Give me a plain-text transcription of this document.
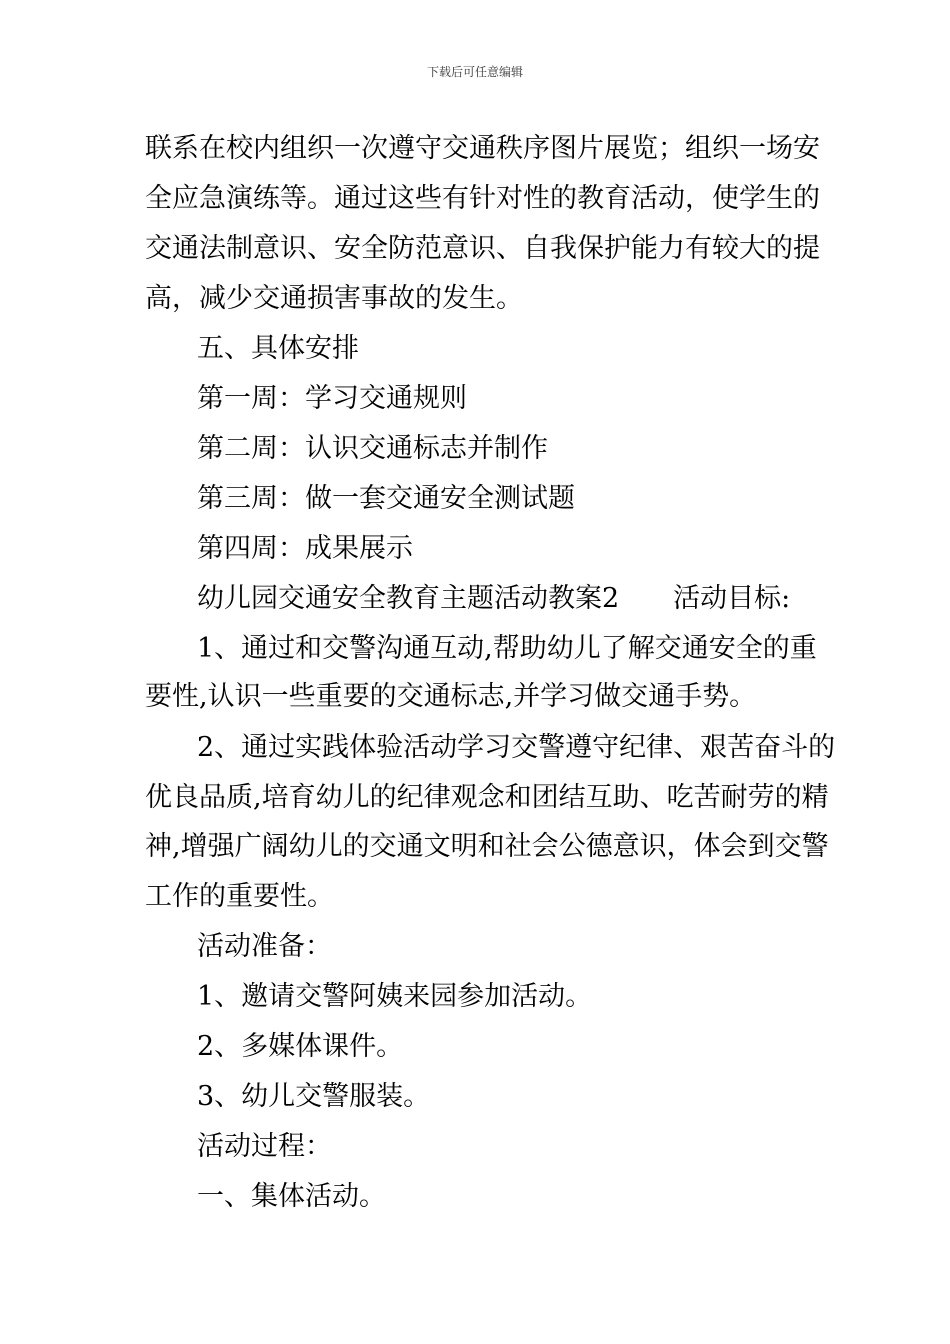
下载后可任意编辑
联系在校内组织一次遵守交通秩序图片展览；组织一场安
全应急演练等。通过这些有针对性的教育活动，使学生的
交通法制意识、安全防范意识、自我保护能力有较大的提
高，减少交通损害事故的发生。
五、具体安排
第一周：学习交通规则
第二周：认识交通标志并制作
第三周：做一套交通安全测试题
第四周：成果展示
幼儿园交通安全教育主题活动教案2　　活动目标:
1、通过和交警沟通互动,帮助幼儿了解交通安全的重
要性,认识一些重要的交通标志,并学习做交通手势。
2、通过实践体验活动学习交警遵守纪律、艰苦奋斗的
优良品质,培育幼儿的纪律观念和团结互助、吃苦耐劳的精
神,增强广阔幼儿的交通文明和社会公德意识，体会到交警
工作的重要性。
活动准备：
1、邀请交警阿姨来园参加活动。
2、多媒体课件。
3、幼儿交警服装。
活动过程：
一、集体活动。
